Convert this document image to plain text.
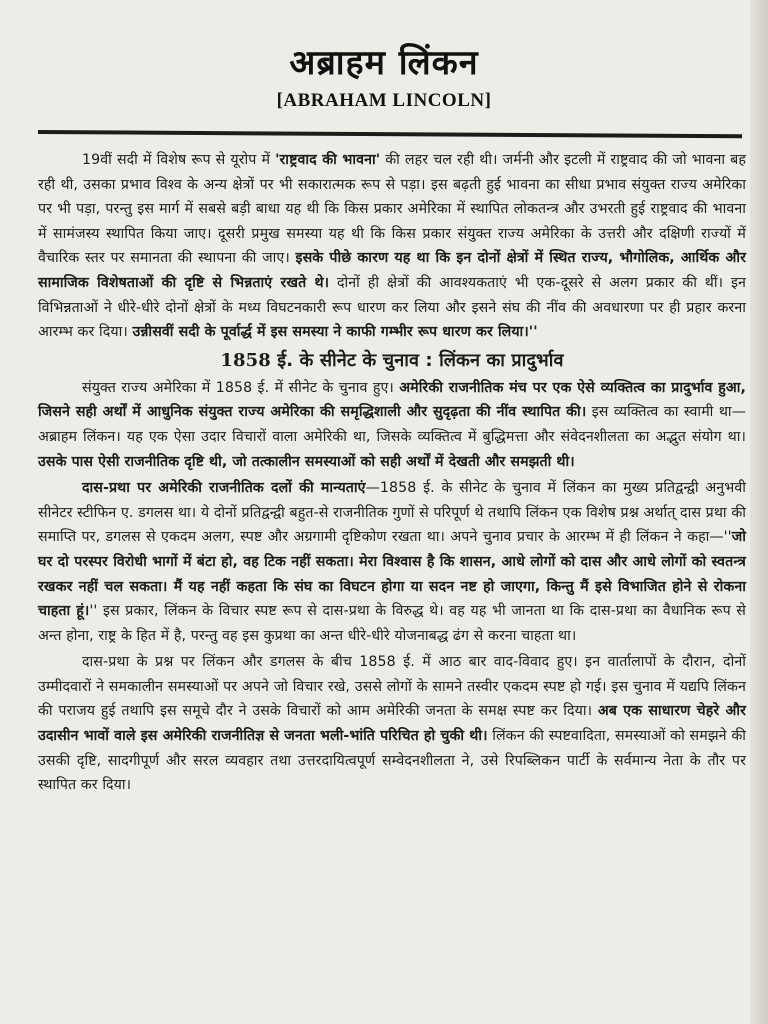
अब्राहम लिंकन
[ABRAHAM LINCOLN]

19वीं सदी में विशेष रूप से यूरोप में 'राष्ट्रवाद की भावना' की लहर चल रही थी। जर्मनी और इटली में राष्ट्रवाद की जो भावना बह रही थी, उसका प्रभाव विश्व के अन्य क्षेत्रों पर भी सकारात्मक रूप से पड़ा। इस बढ़ती हुई भावना का सीधा प्रभाव संयुक्त राज्य अमेरिका पर भी पड़ा, परन्तु इस मार्ग में सबसे बड़ी बाधा यह थी कि किस प्रकार अमेरिका में स्थापित लोकतन्त्र और उभरती हुई राष्ट्रवाद की भावना में सामंजस्य स्थापित किया जाए। दूसरी प्रमुख समस्या यह थी कि किस प्रकार संयुक्त राज्य अमेरिका के उत्तरी और दक्षिणी राज्यों में वैचारिक स्तर पर समानता की स्थापना की जाए। इसके पीछे कारण यह था कि इन दोनों क्षेत्रों में स्थित राज्य, भौगोलिक, आर्थिक और सामाजिक विशेषताओं की दृष्टि से भिन्नताएं रखते थे। दोनों ही क्षेत्रों की आवश्यकताएं भी एक-दूसरे से अलग प्रकार की थीं। इन विभिन्नताओं ने धीरे-धीरे दोनों क्षेत्रों के मध्य विघटनकारी रूप धारण कर लिया और इसने संघ की नींव की अवधारणा पर ही प्रहार करना आरम्भ कर दिया। उन्नीसवीं सदी के पूर्वार्द्ध में इस समस्या ने काफी गम्भीर रूप धारण कर लिया।''

1858 ई. के सीनेट के चुनाव : लिंकन का प्रादुर्भाव

संयुक्त राज्य अमेरिका में 1858 ई. में सीनेट के चुनाव हुए। अमेरिकी राजनीतिक मंच पर एक ऐसे व्यक्तित्व का प्रादुर्भाव हुआ, जिसने सही अर्थों में आधुनिक संयुक्त राज्य अमेरिका की समृद्धिशाली और सुदृढ़ता की नींव स्थापित की। इस व्यक्तित्व का स्वामी था—अब्राहम लिंकन। यह एक ऐसा उदार विचारों वाला अमेरिकी था, जिसके व्यक्तित्व में बुद्धिमत्ता और संवेदनशीलता का अद्भुत संयोग था। उसके पास ऐसी राजनीतिक दृष्टि थी, जो तत्कालीन समस्याओं को सही अर्थों में देखती और समझती थी।

दास-प्रथा पर अमेरिकी राजनीतिक दलों की मान्यताएं—1858 ई. के सीनेट के चुनाव में लिंकन का मुख्य प्रतिद्वन्द्वी अनुभवी सीनेटर स्टीफिन ए. डगलस था। ये दोनों प्रतिद्वन्द्वी बहुत-से राजनीतिक गुणों से परिपूर्ण थे तथापि लिंकन एक विशेष प्रश्न अर्थात् दास प्रथा की समाप्ति पर, डगलस से एकदम अलग, स्पष्ट और अग्रगामी दृष्टिकोण रखता था। अपने चुनाव प्रचार के आरम्भ में ही लिंकन ने कहा—''जो घर दो परस्पर विरोधी भागों में बंटा हो, वह टिक नहीं सकता। मेरा विश्वास है कि शासन, आधे लोगों को दास और आधे लोगों को स्वतन्त्र रखकर नहीं चल सकता। मैं यह नहीं कहता कि संघ का विघटन होगा या सदन नष्ट हो जाएगा, किन्तु मैं इसे विभाजित होने से रोकना चाहता हूं।'' इस प्रकार, लिंकन के विचार स्पष्ट रूप से दास-प्रथा के विरुद्ध थे। वह यह भी जानता था कि दास-प्रथा का वैधानिक रूप से अन्त होना, राष्ट्र के हित में है, परन्तु वह इस कुप्रथा का अन्त धीरे-धीरे योजनाबद्ध ढंग से करना चाहता था।

दास-प्रथा के प्रश्न पर लिंकन और डगलस के बीच 1858 ई. में आठ बार वाद-विवाद हुए। इन वार्तालापों के दौरान, दोनों उम्मीदवारों ने समकालीन समस्याओं पर अपने जो विचार रखे, उससे लोगों के सामने तस्वीर एकदम स्पष्ट हो गई। इस चुनाव में यद्यपि लिंकन की पराजय हुई तथापि इस समूचे दौर ने उसके विचारों को आम अमेरिकी जनता के समक्ष स्पष्ट कर दिया। अब एक साधारण चेहरे और उदासीन भावों वाले इस अमेरिकी राजनीतिज्ञ से जनता भली-भांति परिचित हो चुकी थी। लिंकन की स्पष्टवादिता, समस्याओं को समझने की उसकी दृष्टि, सादगीपूर्ण और सरल व्यवहार तथा उत्तरदायित्वपूर्ण सम्वेदनशीलता ने, उसे रिपब्लिकन पार्टी के सर्वमान्य नेता के तौर पर स्थापित कर दिया।
